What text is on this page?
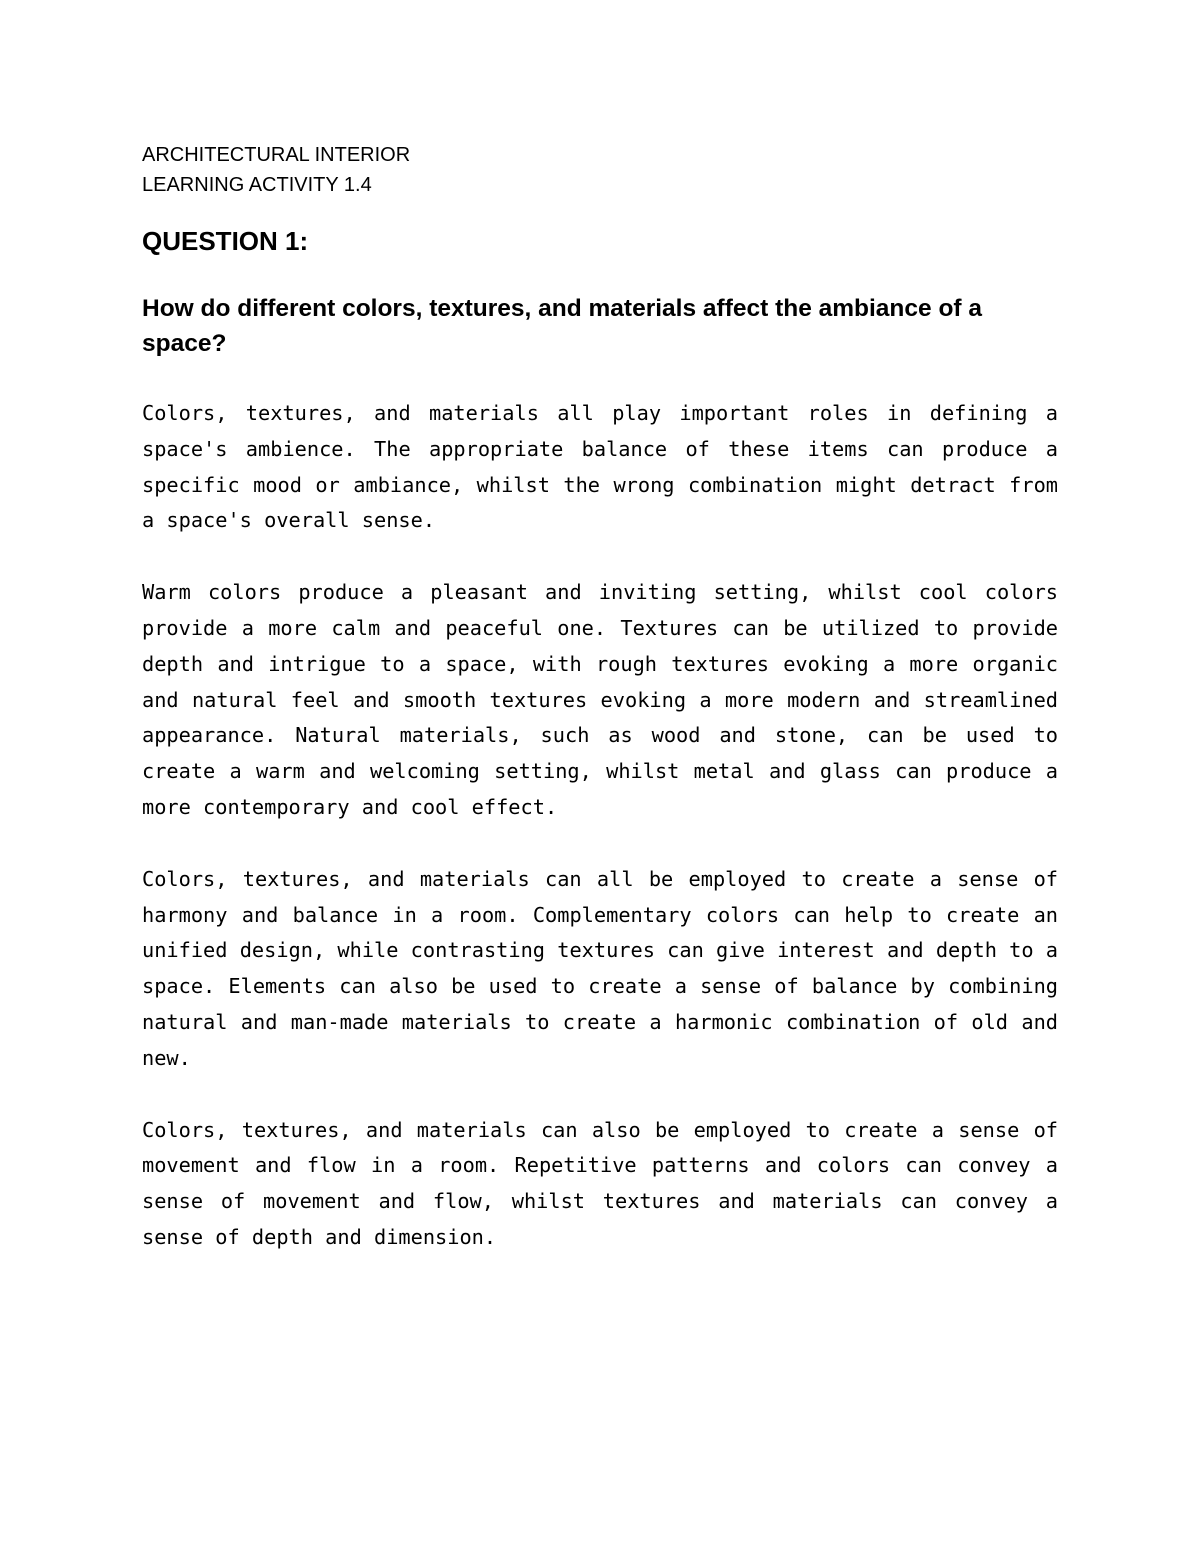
ARCHITECTURAL INTERIOR

LEARNING ACTIVITY 1.4

QUESTION 1:

How do different colors, textures, and materials affect the ambiance of a space?

Colors, textures, and materials all play important roles in defining a space's ambience. The appropriate balance of these items can produce a specific mood or ambiance, whilst the wrong combination might detract from a space's overall sense.

Warm colors produce a pleasant and inviting setting, whilst cool colors provide a more calm and peaceful one. Textures can be utilized to provide depth and intrigue to a space, with rough textures evoking a more organic and natural feel and smooth textures evoking a more modern and streamlined appearance. Natural materials, such as wood and stone, can be used to create a warm and welcoming setting, whilst metal and glass can produce a more contemporary and cool effect.

Colors, textures, and materials can all be employed to create a sense of harmony and balance in a room. Complementary colors can help to create an unified design, while contrasting textures can give interest and depth to a space. Elements can also be used to create a sense of balance by combining natural and man-made materials to create a harmonic combination of old and new.

Colors, textures, and materials can also be employed to create a sense of movement and flow in a room. Repetitive patterns and colors can convey a sense of movement and flow, whilst textures and materials can convey a sense of depth and dimension.
